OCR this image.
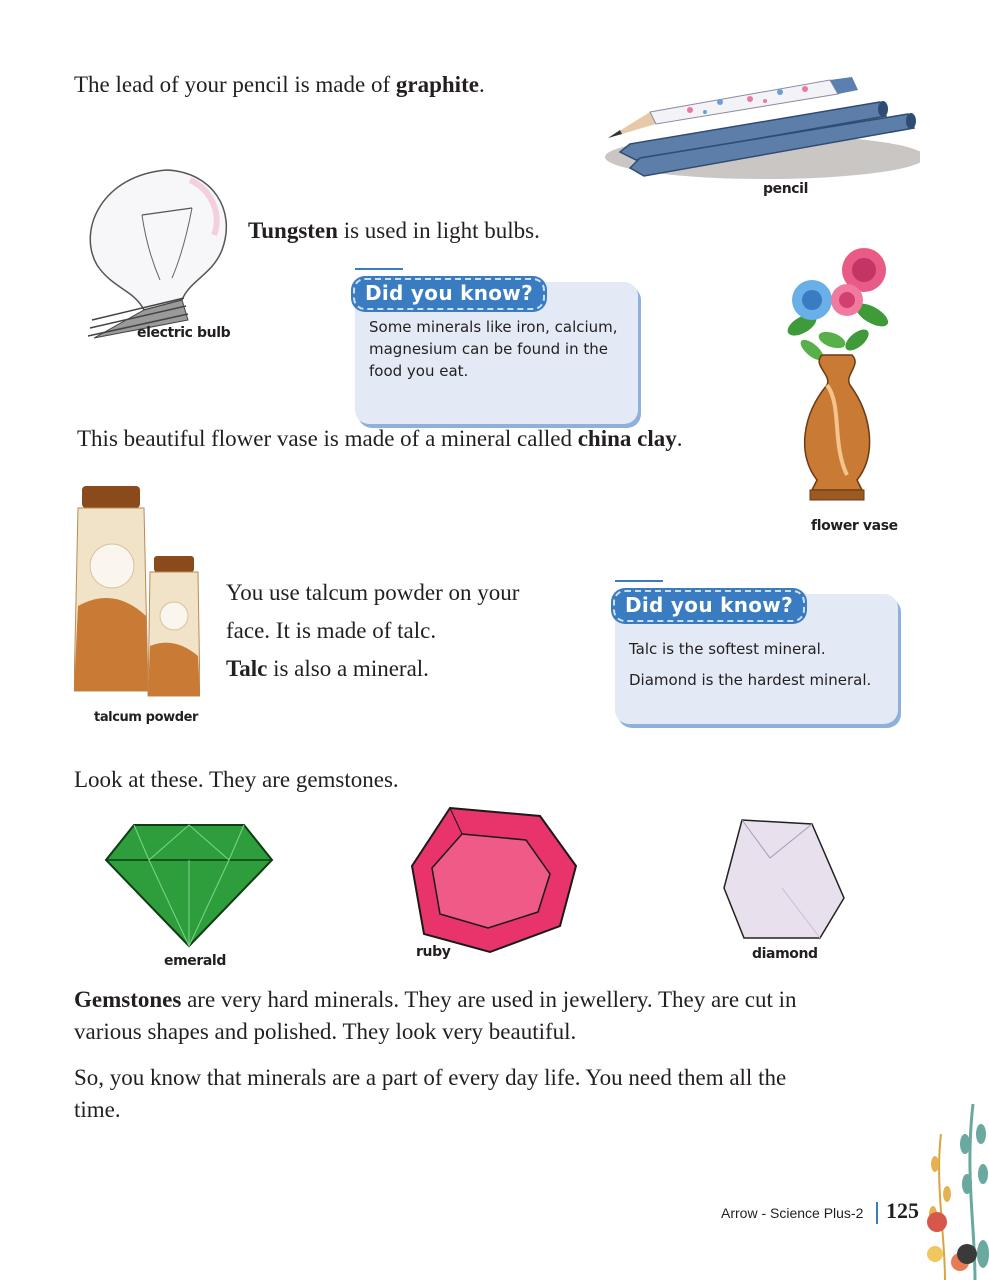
The lead of your pencil is made of graphite.
pencil
electric bulb
Tungsten is used in light bulbs.
Some minerals like iron, calcium,
magnesium can be found in the
food you eat.
Did you know?
flower vase
This beautiful flower vase is made of a mineral called china clay.
talcum powder
You use talcum powder on your
face. It is made of talc.
Talc is also a mineral.
Talc is the softest mineral.
Diamond is the hardest mineral.
Did you know?
Look at these. They are gemstones.
emerald
ruby	diamond
Gemstones are very hard minerals. They are used in jewellery. They are cut in
various shapes and polished. They look very beautiful.
So, you know that minerals are a part of every day life. You need them all the
time.
Arrow - Science Plus-2 125
